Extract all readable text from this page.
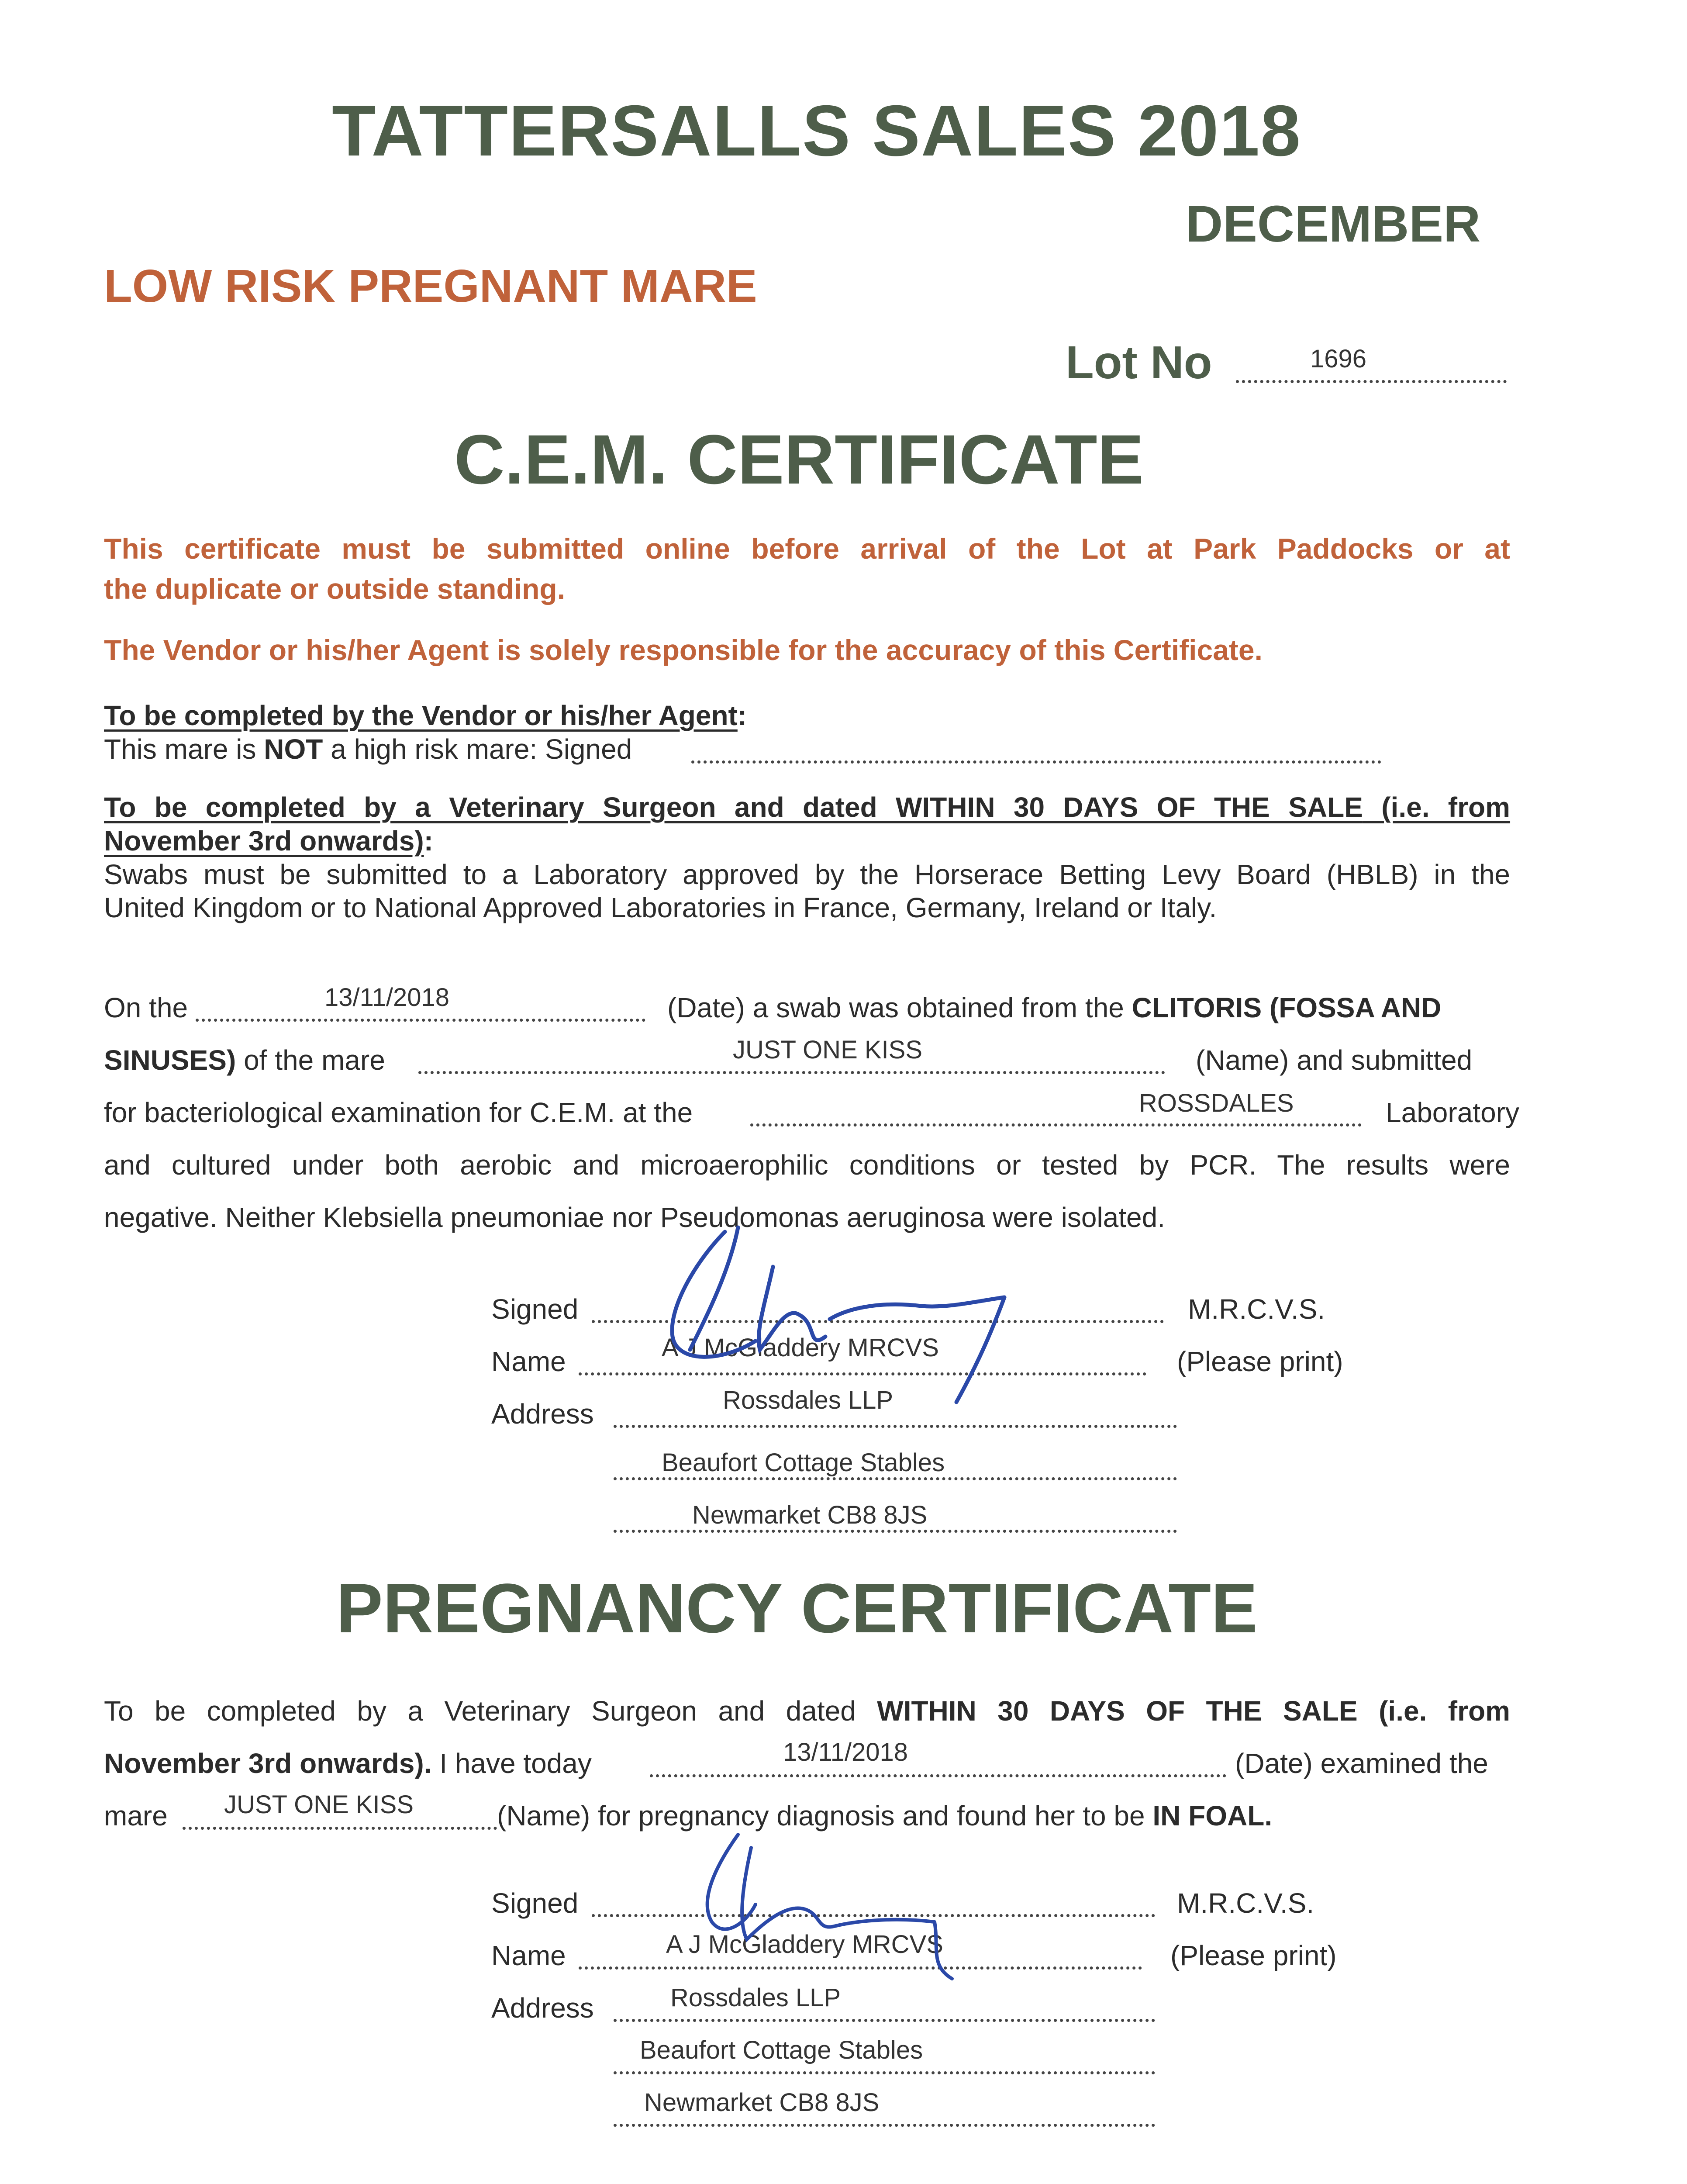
TATTERSALLS SALES 2018
DECEMBER
LOW RISK PREGNANT MARE
Lot No	1696
C.E.M. CERTIFICATE
This certificate must be submitted online before arrival of the Lot at Park Paddocks or at
the duplicate or outside standing.
The Vendor or his/her Agent is solely responsible for the accuracy of this Certificate.
To be completed by the Vendor or his/her Agent:
This mare is NOT a high risk mare: Signed
To be completed by a Veterinary Surgeon and dated WITHIN 30 DAYS OF THE SALE (i.e. from
November 3rd onwards):
Swabs must be submitted to a Laboratory approved by the Horserace Betting Levy Board (HBLB) in the
United Kingdom or to National Approved Laboratories in France, Germany, Ireland or Italy.
On the	13/11/2018	(Date) a swab was obtained from the CLITORIS (FOSSA AND
SINUSES) of the mare	JUST ONE KISS	(Name) and submitted
for bacteriological examination for C.E.M. at the	ROSSDALES	Laboratory
and cultured under both aerobic and microaerophilic conditions or tested by PCR. The results were
negative. Neither Klebsiella pneumoniae nor Pseudomonas aeruginosa were isolated.
Signed	M.R.C.V.S.
Name	A J McGladdery MRCVS	(Please print)
Address	Rossdales LLP
Beaufort Cottage Stables
Newmarket CB8 8JS
PREGNANCY CERTIFICATE
To be completed by a Veterinary Surgeon and dated WITHIN 30 DAYS OF THE SALE (i.e. from
November 3rd onwards). I have today	13/11/2018	(Date) examined the
mare JUST ONE KISS	(Name) for pregnancy diagnosis and found her to be IN FOAL.
Signed	M.R.C.V.S.
Name	A J McGladdery MRCVS	(Please print)
Address	Rossdales LLP
Beaufort Cottage Stables
Newmarket CB8 8JS
